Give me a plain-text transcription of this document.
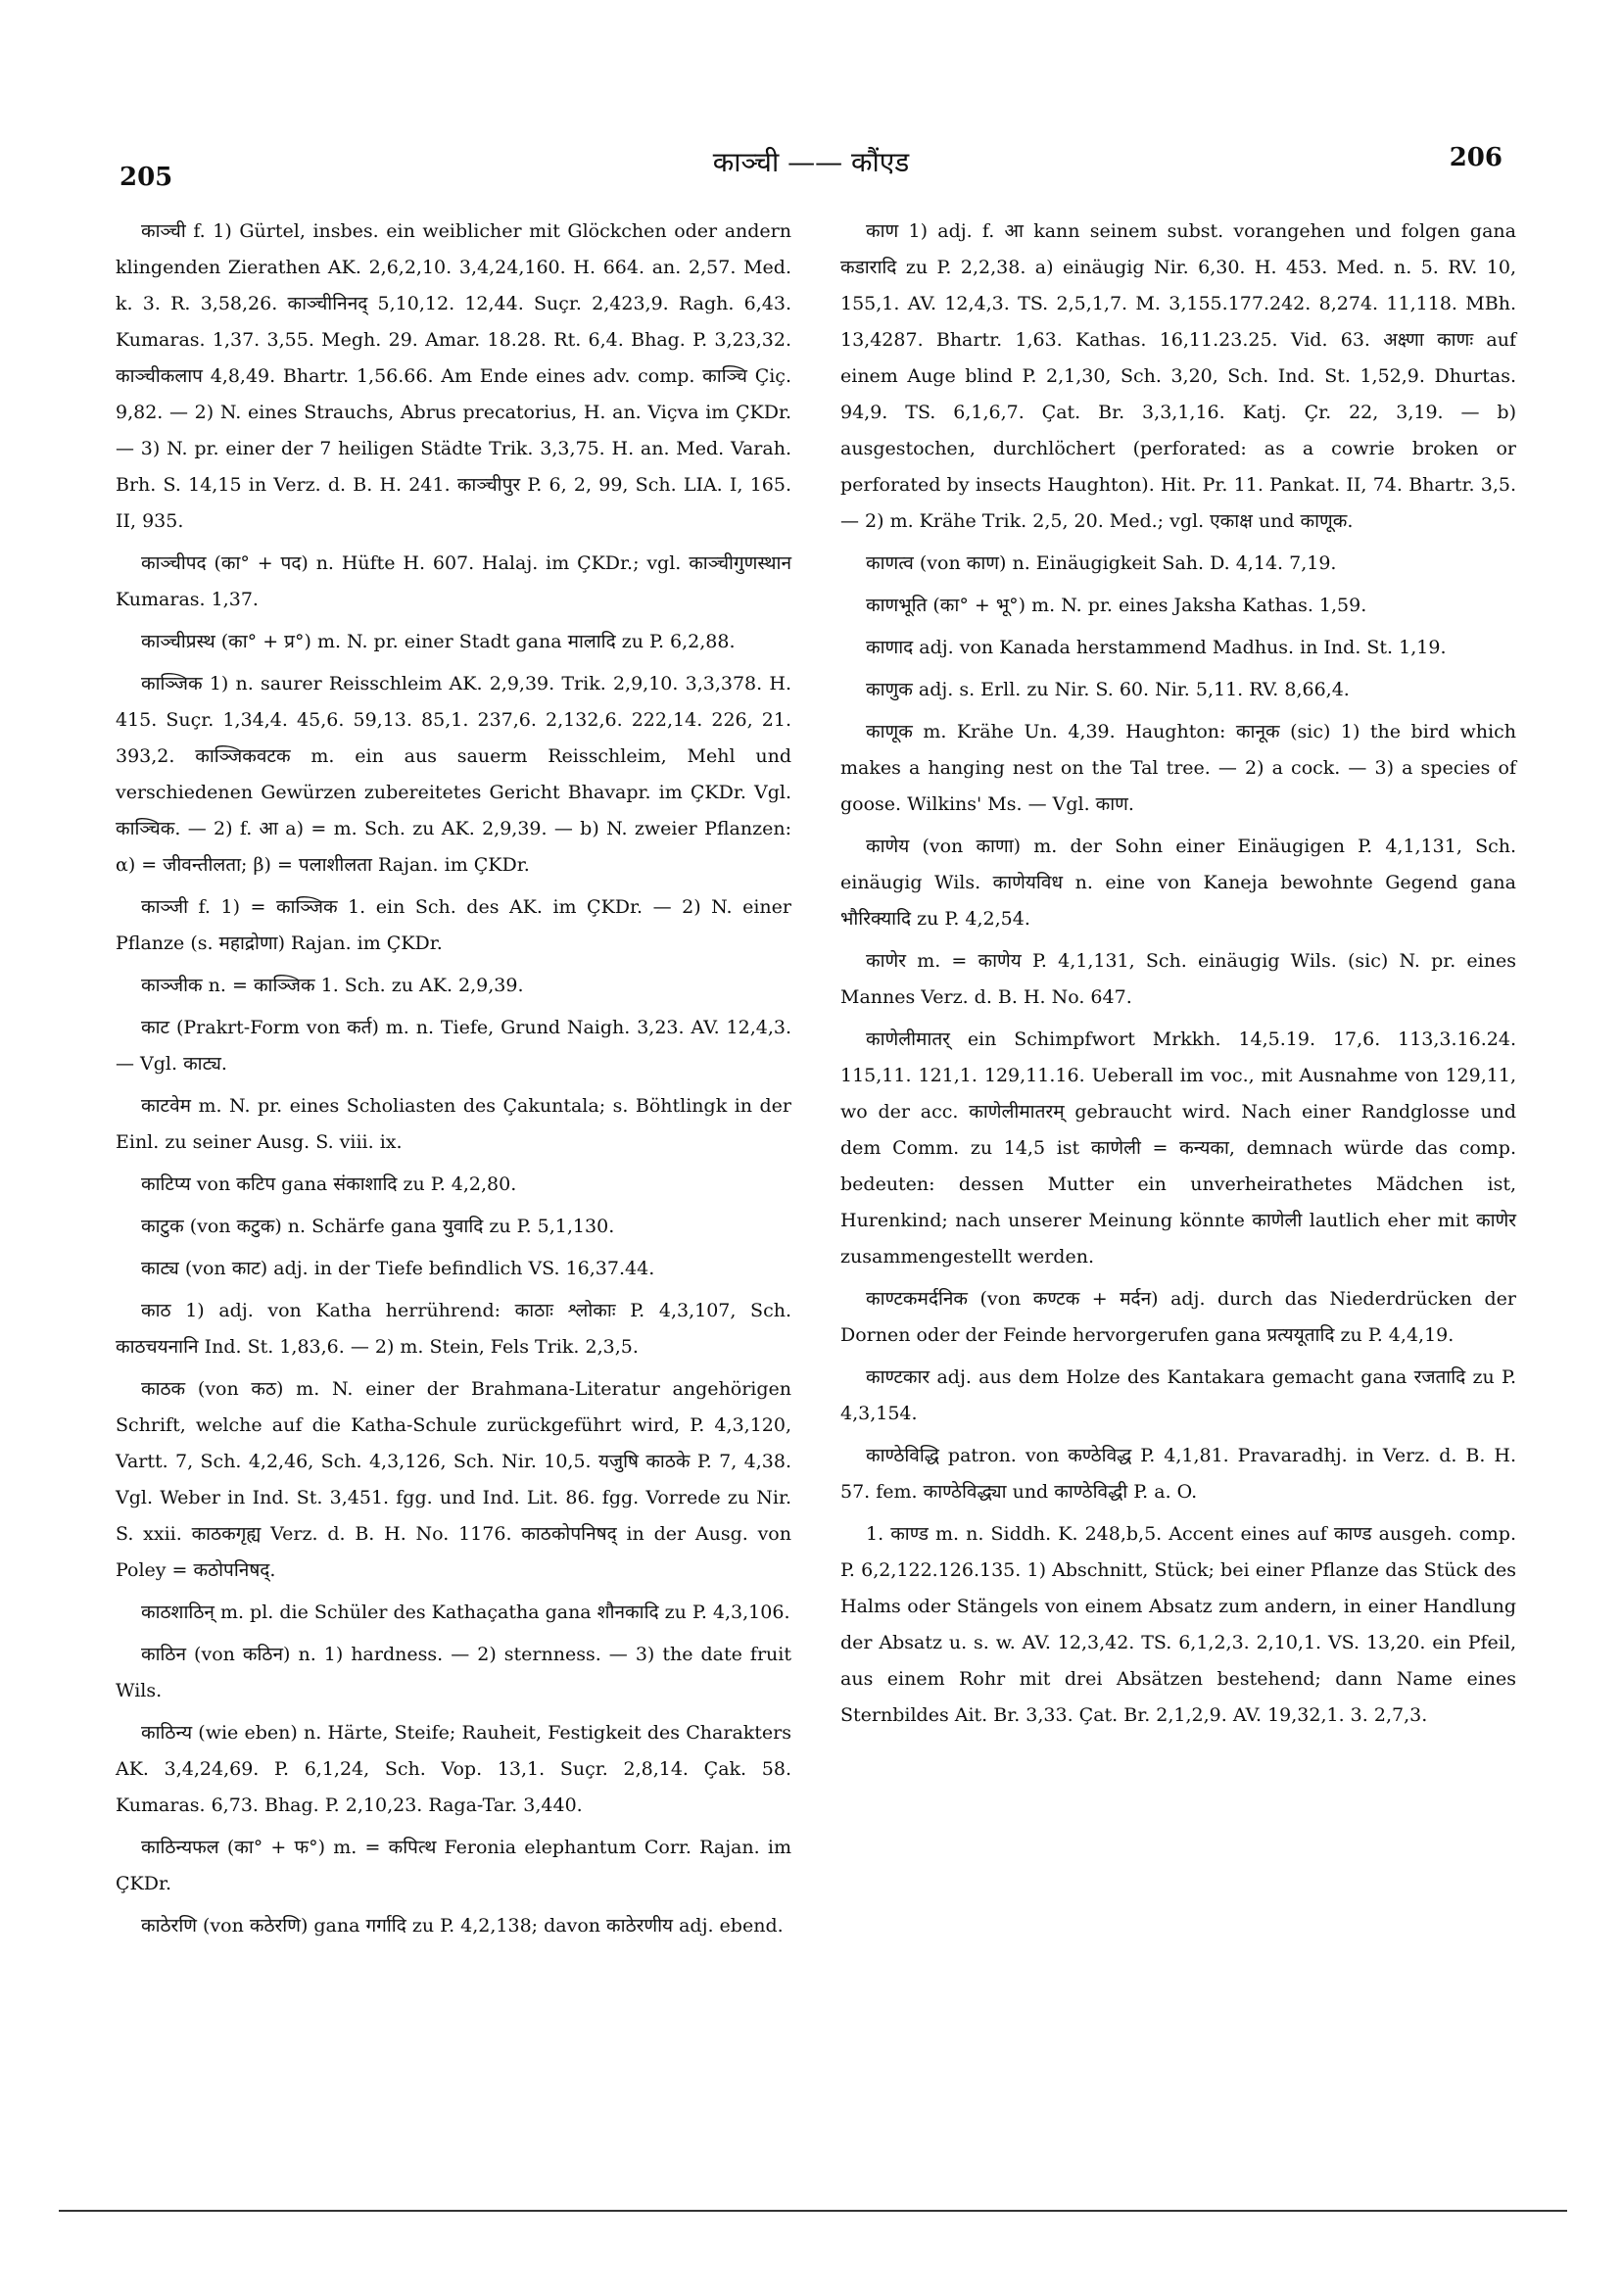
205	काञ्ची —— कौंएड	206

काञ्ची f. 1) Gürtel, insbes. ein weiblicher mit Glöckchen oder andern klingenden Zierathen AK. 2,6,2,10. 3,4,24,160. H. 664. an. 2,57. Med. k. 3. R. 3,58,26. काञ्चीनिनद् 5,10,12. 12,44. Suçr. 2,423,9. Ragh. 6,43. Kumaras. 1,37. 3,55. Megh. 29. Amar. 18.28. Rt. 6,4. Bhag. P. 3,23,32. काञ्चीकलाप 4,8,49. Bhartr. 1,56.66. Am Ende eines adv. comp. काञ्चि Çiç. 9,82. — 2) N. eines Strauchs, Abrus precatorius, H. an. Viçva im ÇKDr. — 3) N. pr. einer der 7 heiligen Städte Trik. 3,3,75. H. an. Med. Varah. Brh. S. 14,15 in Verz. d. B. H. 241. काञ्चीपुर P. 6, 2, 99, Sch. LIA. I, 165. II, 935.

काञ्चीपद (का° + पद) n. Hüfte H. 607. Halaj. im ÇKDr.; vgl. काञ्चीगुणस्थान Kumaras. 1,37.

काञ्चीप्रस्थ (का° + प्र°) m. N. pr. einer Stadt gana मालादि zu P. 6,2,88.

काञ्जिक 1) n. saurer Reisschleim AK. 2,9,39. Trik. 2,9,10. 3,3,378. H. 415. Suçr. 1,34,4. 45,6. 59,13. 85,1. 237,6. 2,132,6. 222,14. 226, 21. 393,2. काञ्जिकवटक m. ein aus sauerm Reisschleim, Mehl und verschiedenen Gewürzen zubereitetes Gericht Bhavapr. im ÇKDr. Vgl. काञ्चिक. — 2) f. आ a) = m. Sch. zu AK. 2,9,39. — b) N. zweier Pflanzen: α) = जीवन्तीलता; β) = पलाशीलता Rajan. im ÇKDr.

काञ्जी f. 1) = काञ्जिक 1. ein Sch. des AK. im ÇKDr. — 2) N. einer Pflanze (s. महाद्रोणा) Rajan. im ÇKDr.

काञ्जीक n. = काञ्जिक 1. Sch. zu AK. 2,9,39.

काट (Prakrt-Form von कर्त) m. n. Tiefe, Grund Naigh. 3,23. AV. 12,4,3. — Vgl. काट्य.

काटवेम m. N. pr. eines Scholiasten des Çakuntala; s. Böhtlingk in der Einl. zu seiner Ausg. S. viii. ix.

काटिप्य von कटिप gana संकाशादि zu P. 4,2,80.

काटुक (von कटुक) n. Schärfe gana युवादि zu P. 5,1,130.

काट्य (von काट) adj. in der Tiefe befindlich VS. 16,37.44.

काठ 1) adj. von Katha herrührend: काठाः श्लोकाः P. 4,3,107, Sch. काठचयनानि Ind. St. 1,83,6. — 2) m. Stein, Fels Trik. 2,3,5.

काठक (von कठ) m. N. einer der Brahmana-Literatur angehörigen Schrift, welche auf die Katha-Schule zurückgeführt wird, P. 4,3,120, Vartt. 7, Sch. 4,2,46, Sch. 4,3,126, Sch. Nir. 10,5. यजुषि काठके P. 7, 4,38. Vgl. Weber in Ind. St. 3,451. fgg. und Ind. Lit. 86. fgg. Vorrede zu Nir. S. xxii. काठकगृह्य Verz. d. B. H. No. 1176. काठकोपनिषद् in der Ausg. von Poley = कठोपनिषद्.

काठशाठिन् m. pl. die Schüler des Kathaçatha gana शौनकादि zu P. 4,3,106.

काठिन (von कठिन) n. 1) hardness. — 2) sternness. — 3) the date fruit Wils.

काठिन्य (wie eben) n. Härte, Steife; Rauheit, Festigkeit des Charakters AK. 3,4,24,69. P. 6,1,24, Sch. Vop. 13,1. Suçr. 2,8,14. Çak. 58. Kumaras. 6,73. Bhag. P. 2,10,23. Raga-Tar. 3,440.

काठिन्यफल (का° + फ°) m. = कपित्थ Feronia elephantum Corr. Rajan. im ÇKDr.

काठेरणि (von कठेरणि) gana गर्गादि zu P. 4,2,138; davon काठेरणीय adj. ebend.

काण 1) adj. f. आ kann seinem subst. vorangehen und folgen gana कडारादि zu P. 2,2,38. a) einäugig Nir. 6,30. H. 453. Med. n. 5. RV. 10, 155,1. AV. 12,4,3. TS. 2,5,1,7. M. 3,155.177.242. 8,274. 11,118. MBh. 13,4287. Bhartr. 1,63. Kathas. 16,11.23.25. Vid. 63. अक्ष्णा काणः auf einem Auge blind P. 2,1,30, Sch. 3,20, Sch. Ind. St. 1,52,9. Dhurtas. 94,9. TS. 6,1,6,7. Çat. Br. 3,3,1,16. Katj. Çr. 22, 3,19. — b) ausgestochen, durchlöchert (perforated: as a cowrie broken or perforated by insects Haughton). Hit. Pr. 11. Pankat. II, 74. Bhartr. 3,5. — 2) m. Krähe Trik. 2,5, 20. Med.; vgl. एकाक्ष und काणूक.

काणत्व (von काण) n. Einäugigkeit Sah. D. 4,14. 7,19.

काणभूति (का° + भू°) m. N. pr. eines Jaksha Kathas. 1,59.

काणाद adj. von Kanada herstammend Madhus. in Ind. St. 1,19.

काणुक adj. s. Erll. zu Nir. S. 60. Nir. 5,11. RV. 8,66,4.

काणूक m. Krähe Un. 4,39. Haughton: कानूक (sic) 1) the bird which makes a hanging nest on the Tal tree. — 2) a cock. — 3) a species of goose. Wilkins' Ms. — Vgl. काण.

काणेय (von काणा) m. der Sohn einer Einäugigen P. 4,1,131, Sch. einäugig Wils. काणेयविध n. eine von Kaneja bewohnte Gegend gana भौरिक्यादि zu P. 4,2,54.

काणेर m. = काणेय P. 4,1,131, Sch. einäugig Wils. (sic) N. pr. eines Mannes Verz. d. B. H. No. 647.

काणेलीमातर् ein Schimpfwort Mrkkh. 14,5.19. 17,6. 113,3.16.24. 115,11. 121,1. 129,11.16. Ueberall im voc., mit Ausnahme von 129,11, wo der acc. काणेलीमातरम् gebraucht wird. Nach einer Randglosse und dem Comm. zu 14,5 ist काणेली = कन्यका, demnach würde das comp. bedeuten: dessen Mutter ein unverheirathetes Mädchen ist, Hurenkind; nach unserer Meinung könnte काणेली lautlich eher mit काणेर zusammengestellt werden.

काण्टकमर्दनिक (von कण्टक + मर्दन) adj. durch das Niederdrücken der Dornen oder der Feinde hervorgerufen gana प्रत्ययूतादि zu P. 4,4,19.

काण्टकार adj. aus dem Holze des Kantakara gemacht gana रजतादि zu P. 4,3,154.

काण्ठेविद्धि patron. von कण्ठेविद्ध P. 4,1,81. Pravaradhj. in Verz. d. B. H. 57. fem. काण्ठेविद्ध्या und काण्ठेविद्धी P. a. O.

1. काण्ड m. n. Siddh. K. 248,b,5. Accent eines auf काण्ड ausgeh. comp. P. 6,2,122.126.135. 1) Abschnitt, Stück; bei einer Pflanze das Stück des Halms oder Stängels von einem Absatz zum andern, in einer Handlung der Absatz u. s. w. AV. 12,3,42. TS. 6,1,2,3. 2,10,1. VS. 13,20. ein Pfeil, aus einem Rohr mit drei Absätzen bestehend; dann Name eines Sternbildes Ait. Br. 3,33. Çat. Br. 2,1,2,9. AV. 19,32,1. 3. 2,7,3.
